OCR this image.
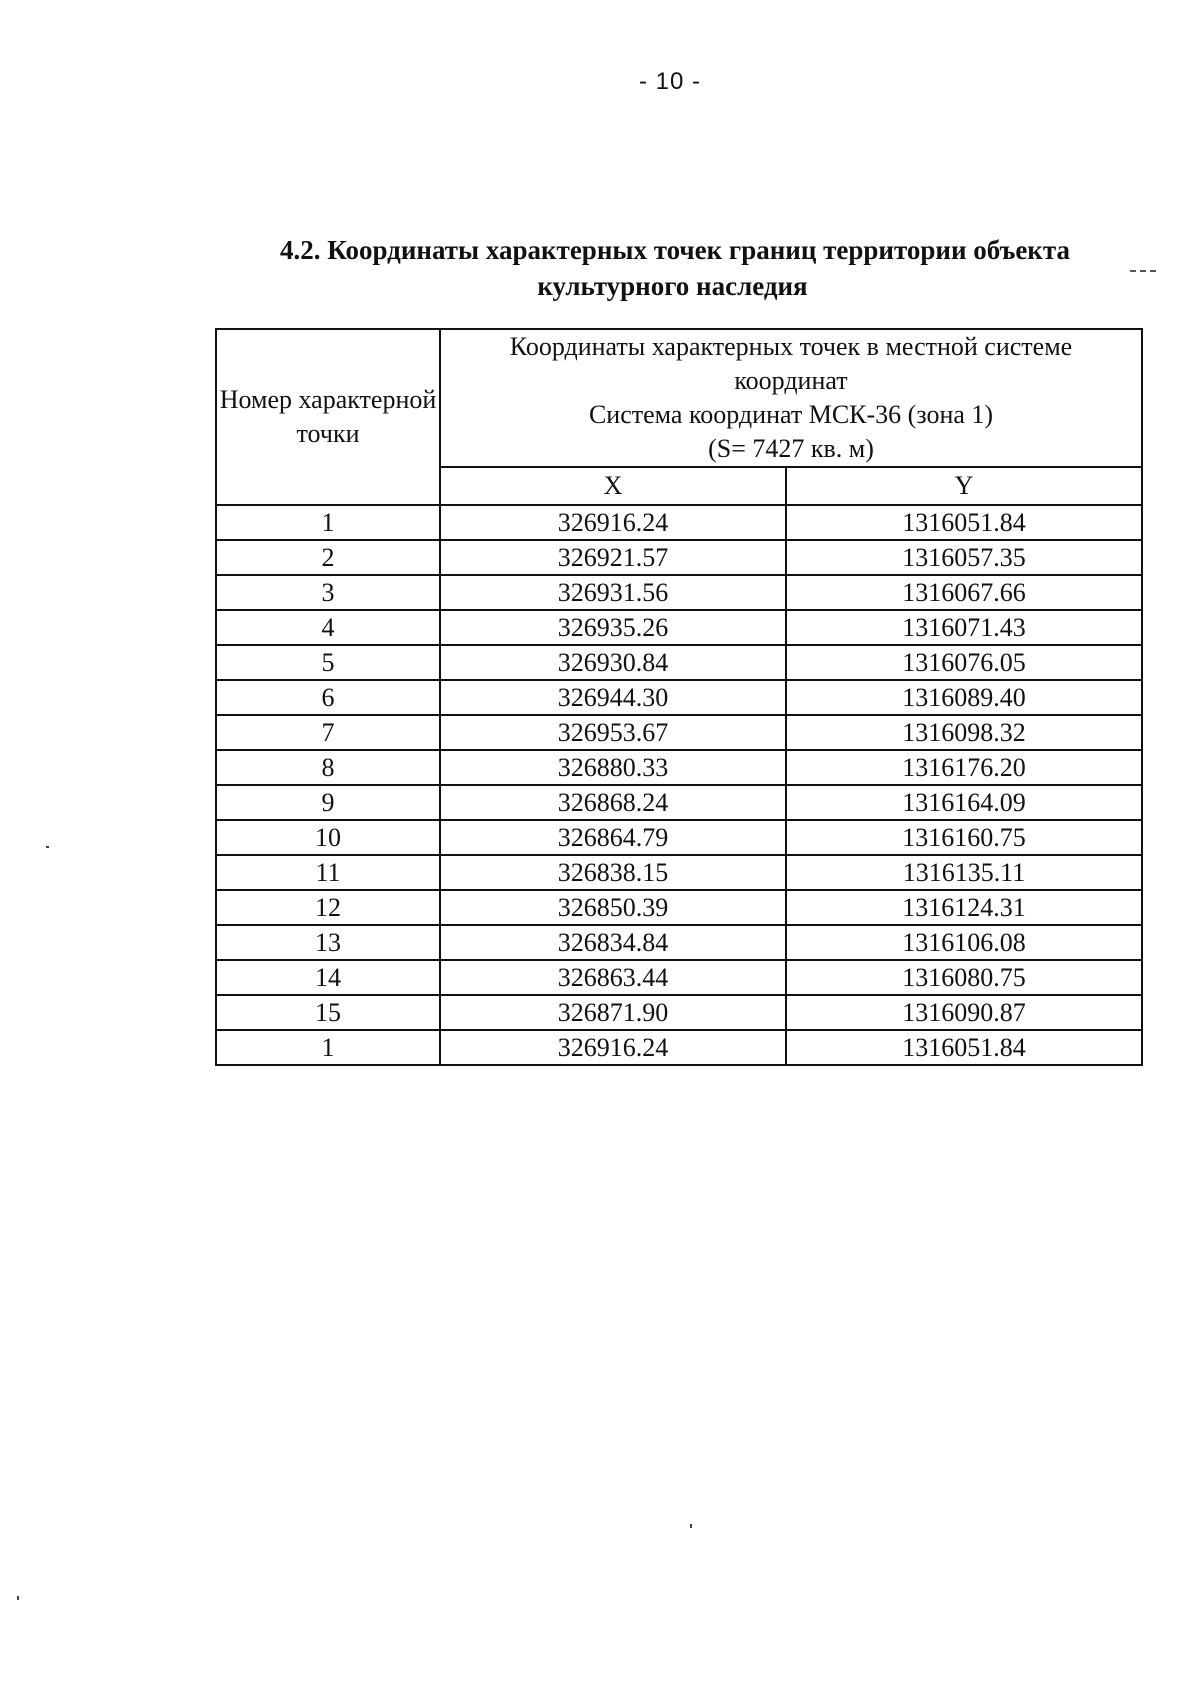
- 10 -
4.2. Координаты характерных точек границ территории объекта
культурного наследия
Номер характерной точки	Координаты характерных точек в местной системе
координат
Система координат МСК-36 (зона 1)
(S= 7427 кв. м)	

	X	Y
1	326916.24	1316051.84
2	326921.57	1316057.35
3	326931.56	1316067.66
4	326935.26	1316071.43
5	326930.84	1316076.05
6	326944.30	1316089.40
7	326953.67	1316098.32
8	326880.33	1316176.20
9	326868.24	1316164.09
10	326864.79	1316160.75
11	326838.15	1316135.11
12	326850.39	1316124.31
13	326834.84	1316106.08
14	326863.44	1316080.75
15	326871.90	1316090.87
1	326916.24	1316051.84
